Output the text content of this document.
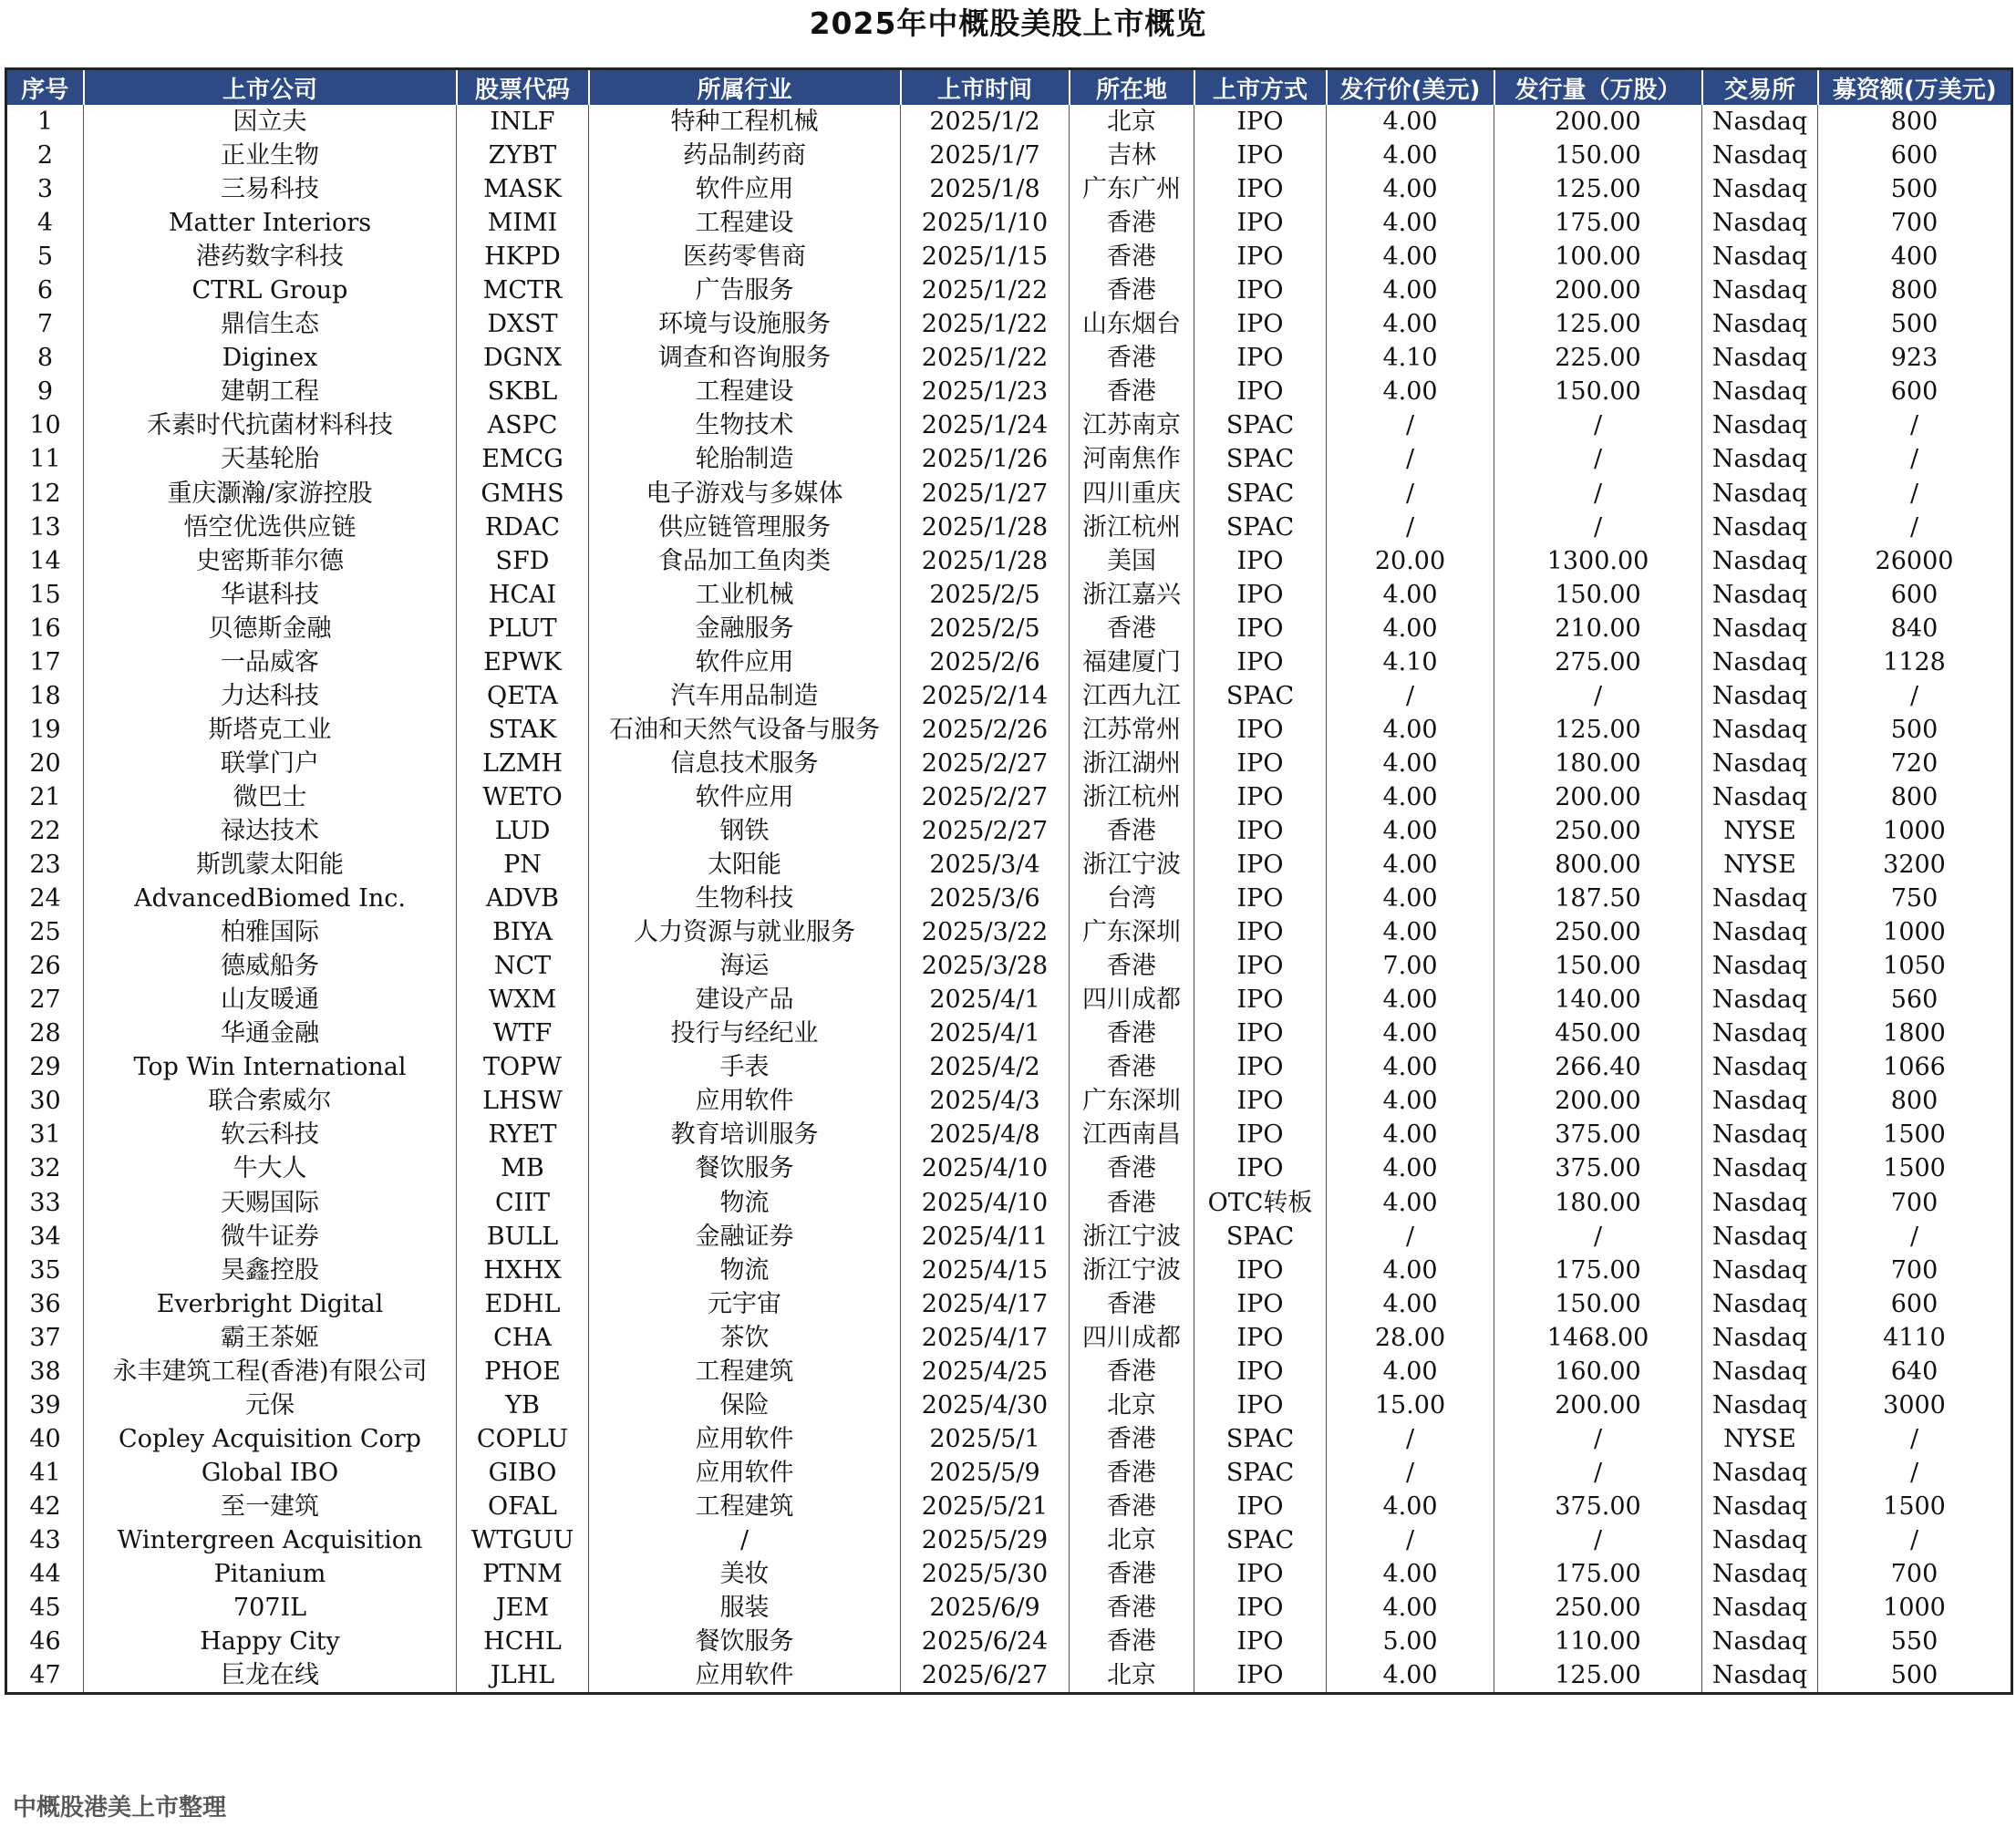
2025年中概股美股上市概览
序号	上市公司	股票代码	所属行业	上市时间	所在地	上市方式	发行价(美元)	发行量（万股）	交易所	募资额(万美元)
1	因立夫	INLF	特种工程机械	2025/1/2	北京	IPO	4.00	200.00	Nasdaq	800
2	正业生物	ZYBT	药品制药商	2025/1/7	吉林	IPO	4.00	150.00	Nasdaq	600
3	三易科技	MASK	软件应用	2025/1/8	广东广州	IPO	4.00	125.00	Nasdaq	500
4	Matter Interiors	MIMI	工程建设	2025/1/10	香港	IPO	4.00	175.00	Nasdaq	700
5	港药数字科技	HKPD	医药零售商	2025/1/15	香港	IPO	4.00	100.00	Nasdaq	400
6	CTRL Group	MCTR	广告服务	2025/1/22	香港	IPO	4.00	200.00	Nasdaq	800
7	鼎信生态	DXST	环境与设施服务	2025/1/22	山东烟台	IPO	4.00	125.00	Nasdaq	500
8	Diginex	DGNX	调查和咨询服务	2025/1/22	香港	IPO	4.10	225.00	Nasdaq	923
9	建朝工程	SKBL	工程建设	2025/1/23	香港	IPO	4.00	150.00	Nasdaq	600
10	禾素时代抗菌材料科技	ASPC	生物技术	2025/1/24	江苏南京	SPAC	/	/	Nasdaq	/
11	天基轮胎	EMCG	轮胎制造	2025/1/26	河南焦作	SPAC	/	/	Nasdaq	/
12	重庆灏瀚/家游控股	GMHS	电子游戏与多媒体	2025/1/27	四川重庆	SPAC	/	/	Nasdaq	/
13	悟空优选供应链	RDAC	供应链管理服务	2025/1/28	浙江杭州	SPAC	/	/	Nasdaq	/
14	史密斯菲尔德	SFD	食品加工鱼肉类	2025/1/28	美国	IPO	20.00	1300.00	Nasdaq	26000
15	华谌科技	HCAI	工业机械	2025/2/5	浙江嘉兴	IPO	4.00	150.00	Nasdaq	600
16	贝德斯金融	PLUT	金融服务	2025/2/5	香港	IPO	4.00	210.00	Nasdaq	840
17	一品威客	EPWK	软件应用	2025/2/6	福建厦门	IPO	4.10	275.00	Nasdaq	1128
18	力达科技	QETA	汽车用品制造	2025/2/14	江西九江	SPAC	/	/	Nasdaq	/
19	斯塔克工业	STAK	石油和天然气设备与服务	2025/2/26	江苏常州	IPO	4.00	125.00	Nasdaq	500
20	联掌门户	LZMH	信息技术服务	2025/2/27	浙江湖州	IPO	4.00	180.00	Nasdaq	720
21	微巴士	WETO	软件应用	2025/2/27	浙江杭州	IPO	4.00	200.00	Nasdaq	800
22	禄达技术	LUD	钢铁	2025/2/27	香港	IPO	4.00	250.00	NYSE	1000
23	斯凯蒙太阳能	PN	太阳能	2025/3/4	浙江宁波	IPO	4.00	800.00	NYSE	3200
24	AdvancedBiomed Inc.	ADVB	生物科技	2025/3/6	台湾	IPO	4.00	187.50	Nasdaq	750
25	柏雅国际	BIYA	人力资源与就业服务	2025/3/22	广东深圳	IPO	4.00	250.00	Nasdaq	1000
26	德威船务	NCT	海运	2025/3/28	香港	IPO	7.00	150.00	Nasdaq	1050
27	山友暖通	WXM	建设产品	2025/4/1	四川成都	IPO	4.00	140.00	Nasdaq	560
28	华通金融	WTF	投行与经纪业	2025/4/1	香港	IPO	4.00	450.00	Nasdaq	1800
29	Top Win International	TOPW	手表	2025/4/2	香港	IPO	4.00	266.40	Nasdaq	1066
30	联合索威尔	LHSW	应用软件	2025/4/3	广东深圳	IPO	4.00	200.00	Nasdaq	800
31	软云科技	RYET	教育培训服务	2025/4/8	江西南昌	IPO	4.00	375.00	Nasdaq	1500
32	牛大人	MB	餐饮服务	2025/4/10	香港	IPO	4.00	375.00	Nasdaq	1500
33	天赐国际	CIIT	物流	2025/4/10	香港	OTC转板	4.00	180.00	Nasdaq	700
34	微牛证券	BULL	金融证券	2025/4/11	浙江宁波	SPAC	/	/	Nasdaq	/
35	昊鑫控股	HXHX	物流	2025/4/15	浙江宁波	IPO	4.00	175.00	Nasdaq	700
36	Everbright Digital	EDHL	元宇宙	2025/4/17	香港	IPO	4.00	150.00	Nasdaq	600
37	霸王茶姬	CHA	茶饮	2025/4/17	四川成都	IPO	28.00	1468.00	Nasdaq	4110
38	永丰建筑工程(香港)有限公司	PHOE	工程建筑	2025/4/25	香港	IPO	4.00	160.00	Nasdaq	640
39	元保	YB	保险	2025/4/30	北京	IPO	15.00	200.00	Nasdaq	3000
40	Copley Acquisition Corp	COPLU	应用软件	2025/5/1	香港	SPAC	/	/	NYSE	/
41	Global IBO	GIBO	应用软件	2025/5/9	香港	SPAC	/	/	Nasdaq	/
42	至一建筑	OFAL	工程建筑	2025/5/21	香港	IPO	4.00	375.00	Nasdaq	1500
43	Wintergreen Acquisition	WTGUU	/	2025/5/29	北京	SPAC	/	/	Nasdaq	/
44	Pitanium	PTNM	美妆	2025/5/30	香港	IPO	4.00	175.00	Nasdaq	700
45	707IL	JEM	服装	2025/6/9	香港	IPO	4.00	250.00	Nasdaq	1000
46	Happy City	HCHL	餐饮服务	2025/6/24	香港	IPO	5.00	110.00	Nasdaq	550
47	巨龙在线	JLHL	应用软件	2025/6/27	北京	IPO	4.00	125.00	Nasdaq	500
中概股港美上市整理
